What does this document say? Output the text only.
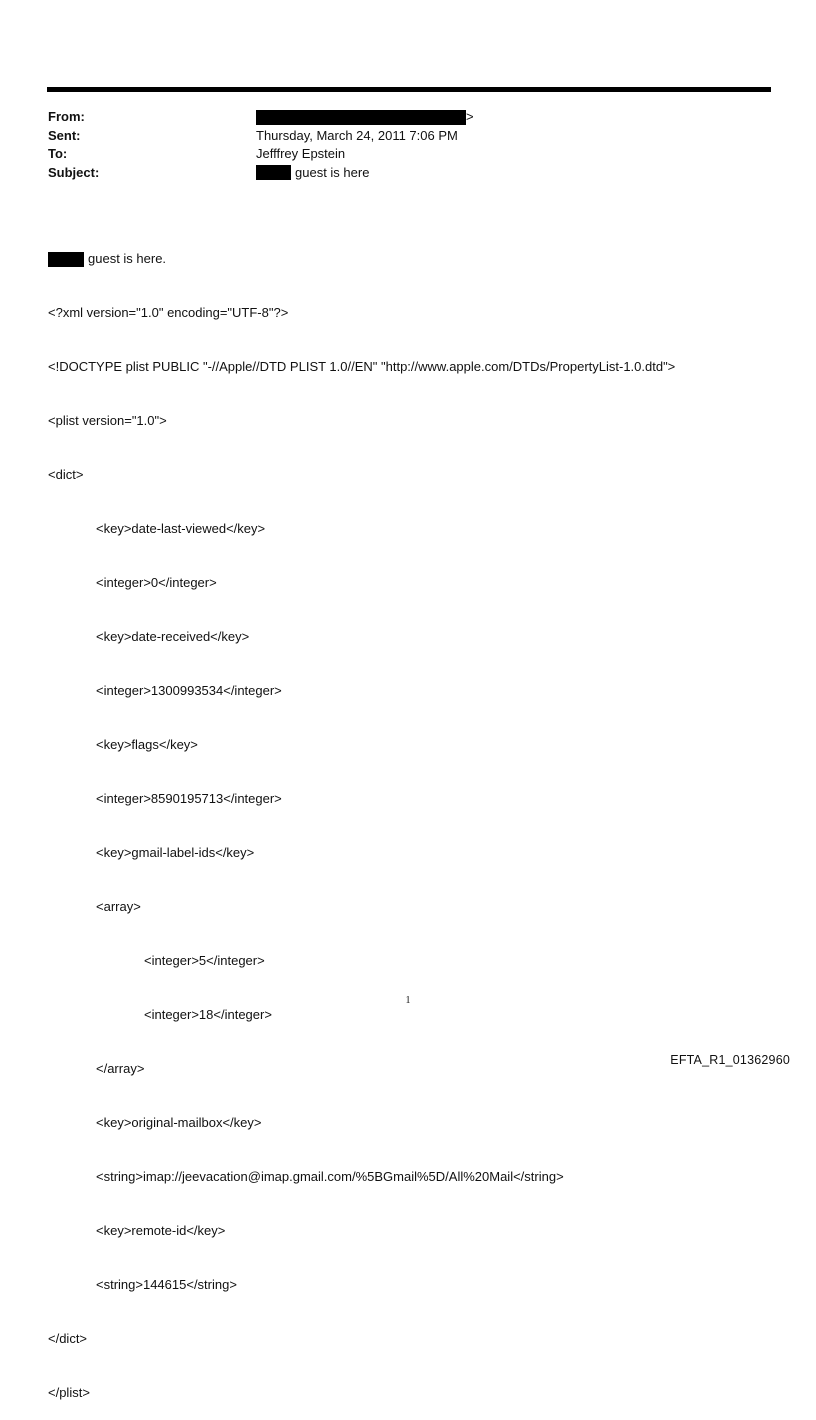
From:	>
Sent:	Thursday, March 24, 2011 7:06 PM
To:	Jefffrey Epstein
Subject:	guest is here

guest is here.

<?xml version="1.0" encoding="UTF-8"?>

<!DOCTYPE plist PUBLIC "-//Apple//DTD PLIST 1.0//EN" "http://www.apple.com/DTDs/PropertyList-1.0.dtd">

<plist version="1.0">

<dict>

<key>date-last-viewed</key>

<integer>0</integer>

<key>date-received</key>

<integer>1300993534</integer>

<key>flags</key>

<integer>8590195713</integer>

<key>gmail-label-ids</key>

<array>

<integer>5</integer>

<integer>18</integer>

</array>

<key>original-mailbox</key>

<string>imap://jeevacation@imap.gmail.com/%5BGmail%5D/All%20Mail</string>

<key>remote-id</key>

<string>144615</string>

</dict>

</plist>

1
EFTA_R1_01362960
